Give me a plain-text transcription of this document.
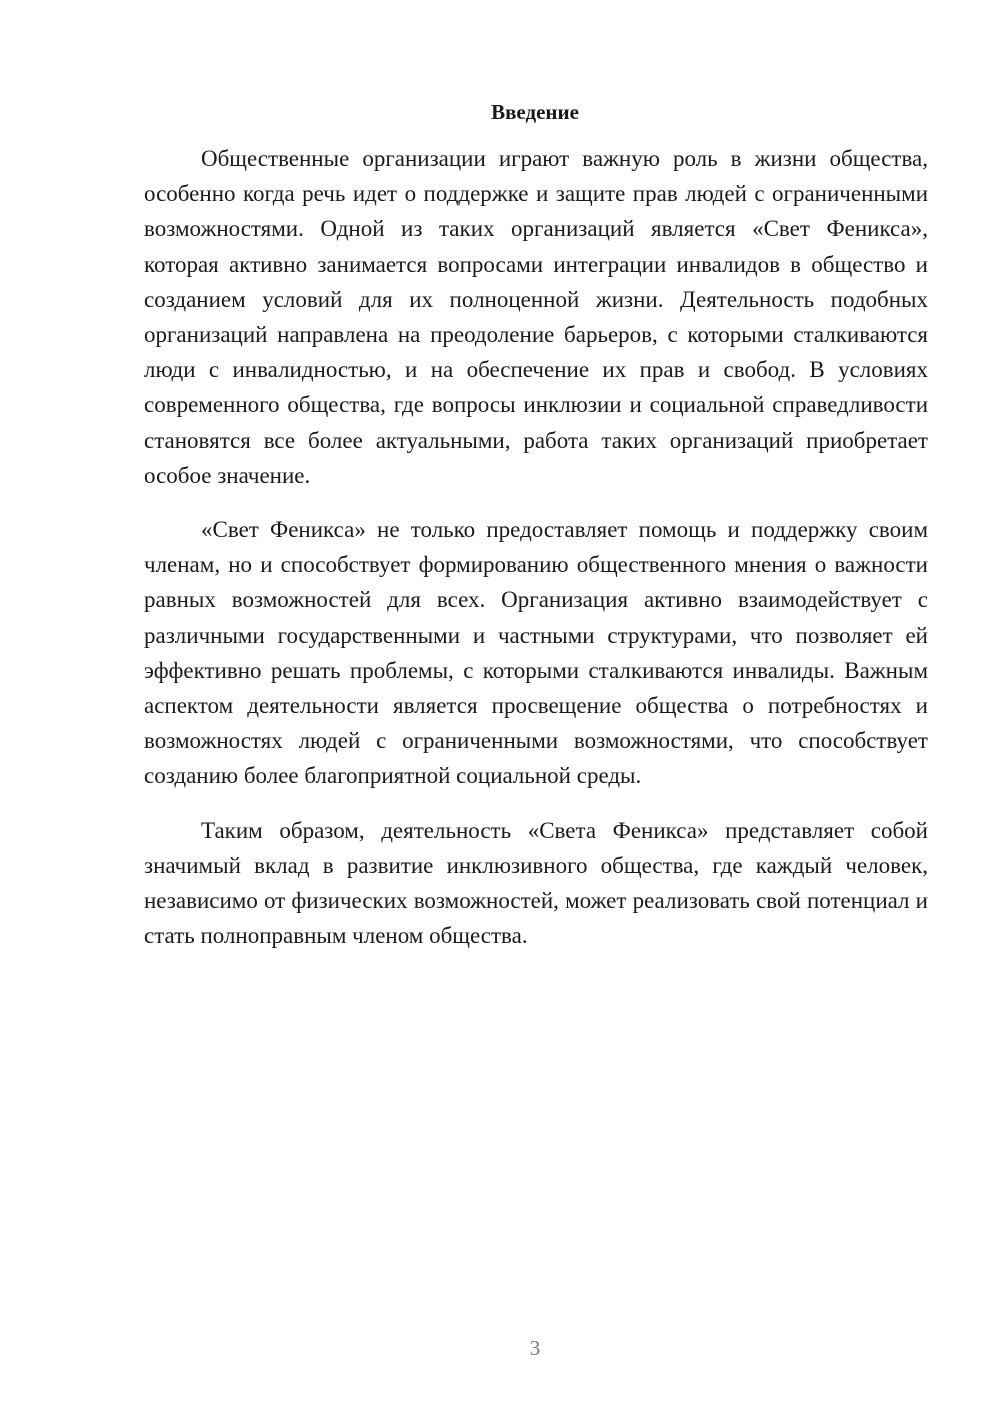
Введение

Общественные организации играют важную роль в жизни общества, особенно когда речь идет о поддержке и защите прав людей с ограниченными возможностями. Одной из таких организаций является «Свет Феникса», которая активно занимается вопросами интеграции инвалидов в общество и созданием условий для их полноценной жизни. Деятельность подобных организаций направлена на преодоление барьеров, с которыми сталкиваются люди с инвалидностью, и на обеспечение их прав и свобод. В условиях современного общества, где вопросы инклюзии и социальной справедливости становятся все более актуальными, работа таких организаций приобретает особое значение.

«Свет Феникса» не только предоставляет помощь и поддержку своим членам, но и способствует формированию общественного мнения о важности равных возможностей для всех. Организация активно взаимодействует с различными государственными и частными структурами, что позволяет ей эффективно решать проблемы, с которыми сталкиваются инвалиды. Важным аспектом деятельности является просвещение общества о потребностях и возможностях людей с ограниченными возможностями, что способствует созданию более благоприятной социальной среды.

Таким образом, деятельность «Света Феникса» представляет собой значимый вклад в развитие инклюзивного общества, где каждый человек, независимо от физических возможностей, может реализовать свой потенциал и стать полноправным членом общества.

3
